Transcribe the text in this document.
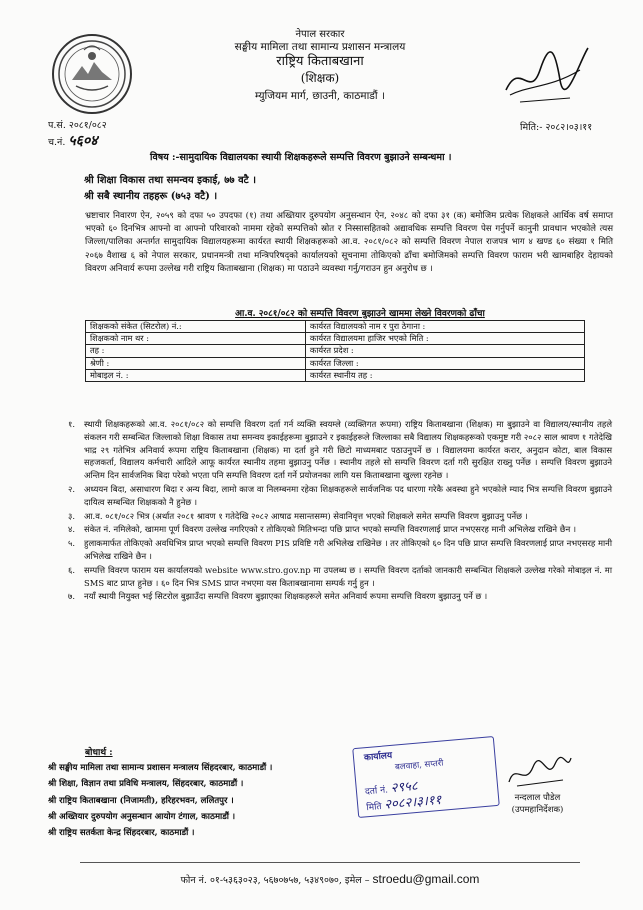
नेपाल सरकार
सङ्घीय मामिला तथा सामान्य प्रशासन मन्त्रालय
राष्ट्रिय किताबखाना
(शिक्षक)
म्युजियम मार्ग, छाउनी, काठमाडौं ।
प.सं. २०८१/०८२
च.नं. ५६०४
मिति:- २०८२।०३।११
विषय :-सामुदायिक विद्यालयका स्थायी शिक्षकहरूले सम्पत्ति विवरण बुझाउने सम्बन्धमा ।
श्री शिक्षा विकास तथा समन्वय इकाई, ७७ वटै ।
श्री सबै स्थानीय तहहरू (७५३ वटै) ।
भ्रष्टाचार निवारण ऐन, २०५९ को दफा ५० उपदफा (१) तथा अख्तियार दुरुपयोग अनुसन्धान ऐन, २०४८ को दफा ३१ (क) बमोजिम प्रत्येक शिक्षकले आर्थिक वर्ष समाप्त भएको ६० दिनभित्र आफ्नो वा आफ्नो परिवारको नाममा रहेको सम्पत्तिको स्रोत र निस्सासहितको अद्यावधिक सम्पत्ति विवरण पेस गर्नुपर्ने कानुनी प्रावधान भएकोले त्यस जिल्ला/पालिका अन्तर्गत सामुदायिक विद्यालयहरूमा कार्यरत स्थायी शिक्षकहरूको आ.व. २०८१/०८२ को सम्पत्ति विवरण नेपाल राजपत्र भाग ४ खण्ड ६० संख्या १ मिति २०६७ वैशाख ६ को नेपाल सरकार, प्रधानमन्त्री तथा मन्त्रिपरिषद्को कार्यालयको सूचनामा तोकिएको ढाँचा बमोजिमको सम्पत्ति विवरण फाराम भरी खामबाहिर देहायको विवरण अनिवार्य रूपमा उल्लेख गरी राष्ट्रिय किताबखाना (शिक्षक) मा पठाउने व्यवस्था गर्नु/गराउन हुन अनुरोध छ ।
आ.व. २०८१/०८२ को सम्पत्ति विवरण बुझाउने खाममा लेख्ने विवरणको ढाँचा
शिक्षकको संकेत (सिटरोल) नं.:	कार्यरत विद्यालयको नाम र पुरा ठेगाना :
शिक्षकको नाम थर :	कार्यरत विद्यालयमा हाजिर भएको मिति :
तह :	कार्यरत प्रदेश :
श्रेणी :	कार्यरत जिल्ला :
मोबाइल नं. :	कार्यरत स्थानीय तह :
१. स्थायी शिक्षकहरूको आ.व. २०८१/०८२ को सम्पत्ति विवरण दर्ता गर्न व्यक्ति स्वयम्ले (व्यक्तिगत रूपमा) राष्ट्रिय किताबखाना (शिक्षक) मा बुझाउने वा विद्यालय/स्थानीय तहले संकलन गरी सम्बन्धित जिल्लाको शिक्षा विकास तथा समन्वय इकाईहरूमा बुझाउने र इकाईहरूले जिल्लाका सबै विद्यालय शिक्षकहरूको एकमुष्ट गरी २०८२ साल श्रावण १ गतेदेखि भाद्र २९ गतेभित्र अनिवार्य रूपमा राष्ट्रिय किताबखाना (शिक्षक) मा दर्ता हुने गरी छिटो माध्यमबाट पठाउनुपर्ने छ । विद्यालयमा कार्यरत करार, अनुदान कोटा, बाल विकास सहजकर्ता, विद्यालय कर्मचारी आदिले आफू कार्यरत स्थानीय तहमा बुझाउनु पर्नेछ । स्थानीय तहले सो सम्पत्ति विवरण दर्ता गरी सुरक्षित राख्नु पर्नेछ । सम्पत्ति विवरण बुझाउने अन्तिम दिन सार्वजनिक बिदा परेको भएता पनि सम्पत्ति विवरण दर्ता गर्ने प्रयोजनका लागि यस किताबखाना खुल्ला रहनेछ ।
२. अध्ययन बिदा, असाधारण बिदा र अन्य बिदा, लामो काज वा निलम्बनमा रहेका शिक्षकहरूले सार्वजनिक पद धारणा गरेकै अवस्था हुने भएकोले म्याद भित्र सम्पत्ति विवरण बुझाउने दायित्व सम्बन्धित शिक्षकको नै हुनेछ ।
३. आ.व. ०८१/०८२ भित्र (अर्थात २०८१ श्रावण १ गतेदेखि २०८२ आषाढ मसान्तसम्म) सेवानिवृत्त भएको शिक्षकले समेत सम्पत्ति विवरण बुझाउनु पर्नेछ ।
४. संकेत नं. नमिलेको, खाममा पूर्ण विवरण उल्लेख नगरिएको र तोकिएको मितिभन्दा पछि प्राप्त भएको सम्पत्ति विवरणलाई प्राप्त नभएसरह मानी अभिलेख राखिने छैन ।
५. हुलाकमार्फत तोकिएको अवधिभित्र प्राप्त भएको सम्पत्ति विवरण PIS प्रविष्टि गरी अभिलेख राखिनेछ । तर तोकिएको ६० दिन पछि प्राप्त सम्पत्ति विवरणलाई प्राप्त नभएसरह मानी अभिलेख राखिने छैन ।
६. सम्पत्ति विवरण फाराम यस कार्यालयको website www.stro.gov.np मा उपलब्ध छ । सम्पत्ति विवरण दर्ताको जानकारी सम्बन्धित शिक्षकले उल्लेख गरेको मोबाइल नं. मा SMS बाट प्राप्त हुनेछ । ६० दिन भित्र SMS प्राप्त नभएमा यस किताबखानामा सम्पर्क गर्नु हुन ।
७. नयाँ स्थायी नियुक्त भई सिटरोल बुझाउँदा सम्पत्ति विवरण बुझाएका शिक्षकहरूले समेत अनिवार्य रूपमा सम्पत्ति विवरण बुझाउनु पर्ने छ ।
बोधार्थ :
श्री सङ्घीय मामिला तथा सामान्य प्रशासन मन्त्रालय सिंहदरबार, काठमाडौं ।
श्री शिक्षा, विज्ञान तथा प्रविधि मन्त्रालय, सिंहदरबार, काठमाडौं ।
श्री राष्ट्रिय किताबखाना (निजामती), हरिहरभवन, ललितपुर ।
श्री अख्तियार दुरुपयोग अनुसन्धान आयोग टंगाल, काठमाडौं ।
श्री राष्ट्रिय सतर्कता केन्द्र सिंहदरबार, काठमाडौं ।
कार्यालय
बलवाहा, सप्तरी
दर्ता नं. २९५८
मिति २०८२।३।११	नन्दलाल पौडेल
(उपमहानिर्देशक)
फोन नं. ०१-५३६३०२३, ५६७०७५७, ५३४९०७०, इमेल – stroedu@gmail.com
